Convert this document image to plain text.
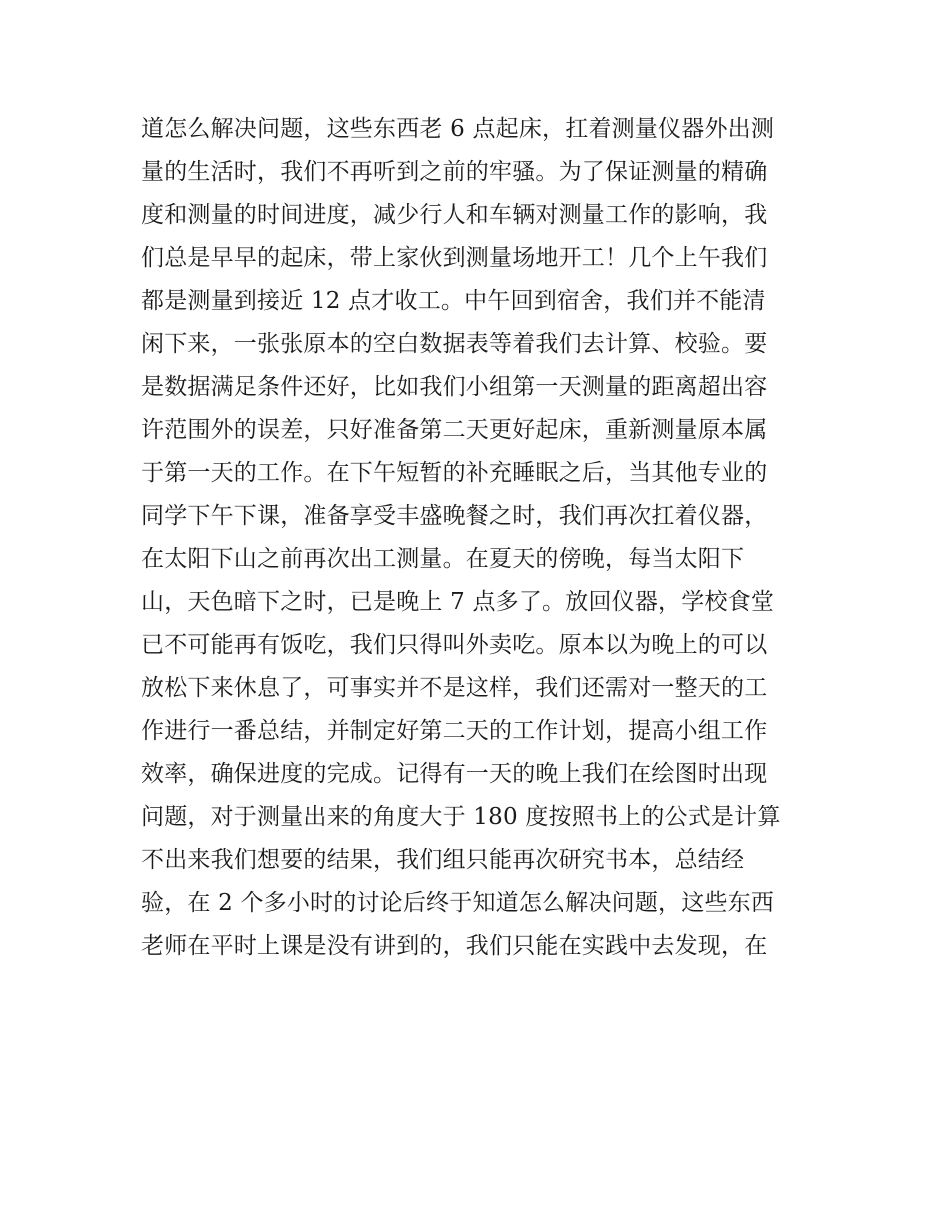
道怎么解决问题，这些东西老 6 点起床，扛着测量仪器外出测
量的生活时，我们不再听到之前的牢骚。为了保证测量的精确
度和测量的时间进度，减少行人和车辆对测量工作的影响，我
们总是早早的起床，带上家伙到测量场地开工！几个上午我们
都是测量到接近 12 点才收工。中午回到宿舍，我们并不能清
闲下来，一张张原本的空白数据表等着我们去计算、校验。要
是数据满足条件还好，比如我们小组第一天测量的距离超出容
许范围外的误差，只好准备第二天更好起床，重新测量原本属
于第一天的工作。在下午短暂的补充睡眠之后，当其他专业的
同学下午下课，准备享受丰盛晚餐之时，我们再次扛着仪器，
在太阳下山之前再次出工测量。在夏天的傍晚，每当太阳下
山，天色暗下之时，已是晚上 7 点多了。放回仪器，学校食堂
已不可能再有饭吃，我们只得叫外卖吃。原本以为晚上的可以
放松下来休息了，可事实并不是这样，我们还需对一整天的工
作进行一番总结，并制定好第二天的工作计划，提高小组工作
效率，确保进度的完成。记得有一天的晚上我们在绘图时出现
问题，对于测量出来的角度大于 180 度按照书上的公式是计算
不出来我们想要的结果，我们组只能再次研究书本，总结经
验，在 2 个多小时的讨论后终于知道怎么解决问题，这些东西
老师在平时上课是没有讲到的，我们只能在实践中去发现，在
